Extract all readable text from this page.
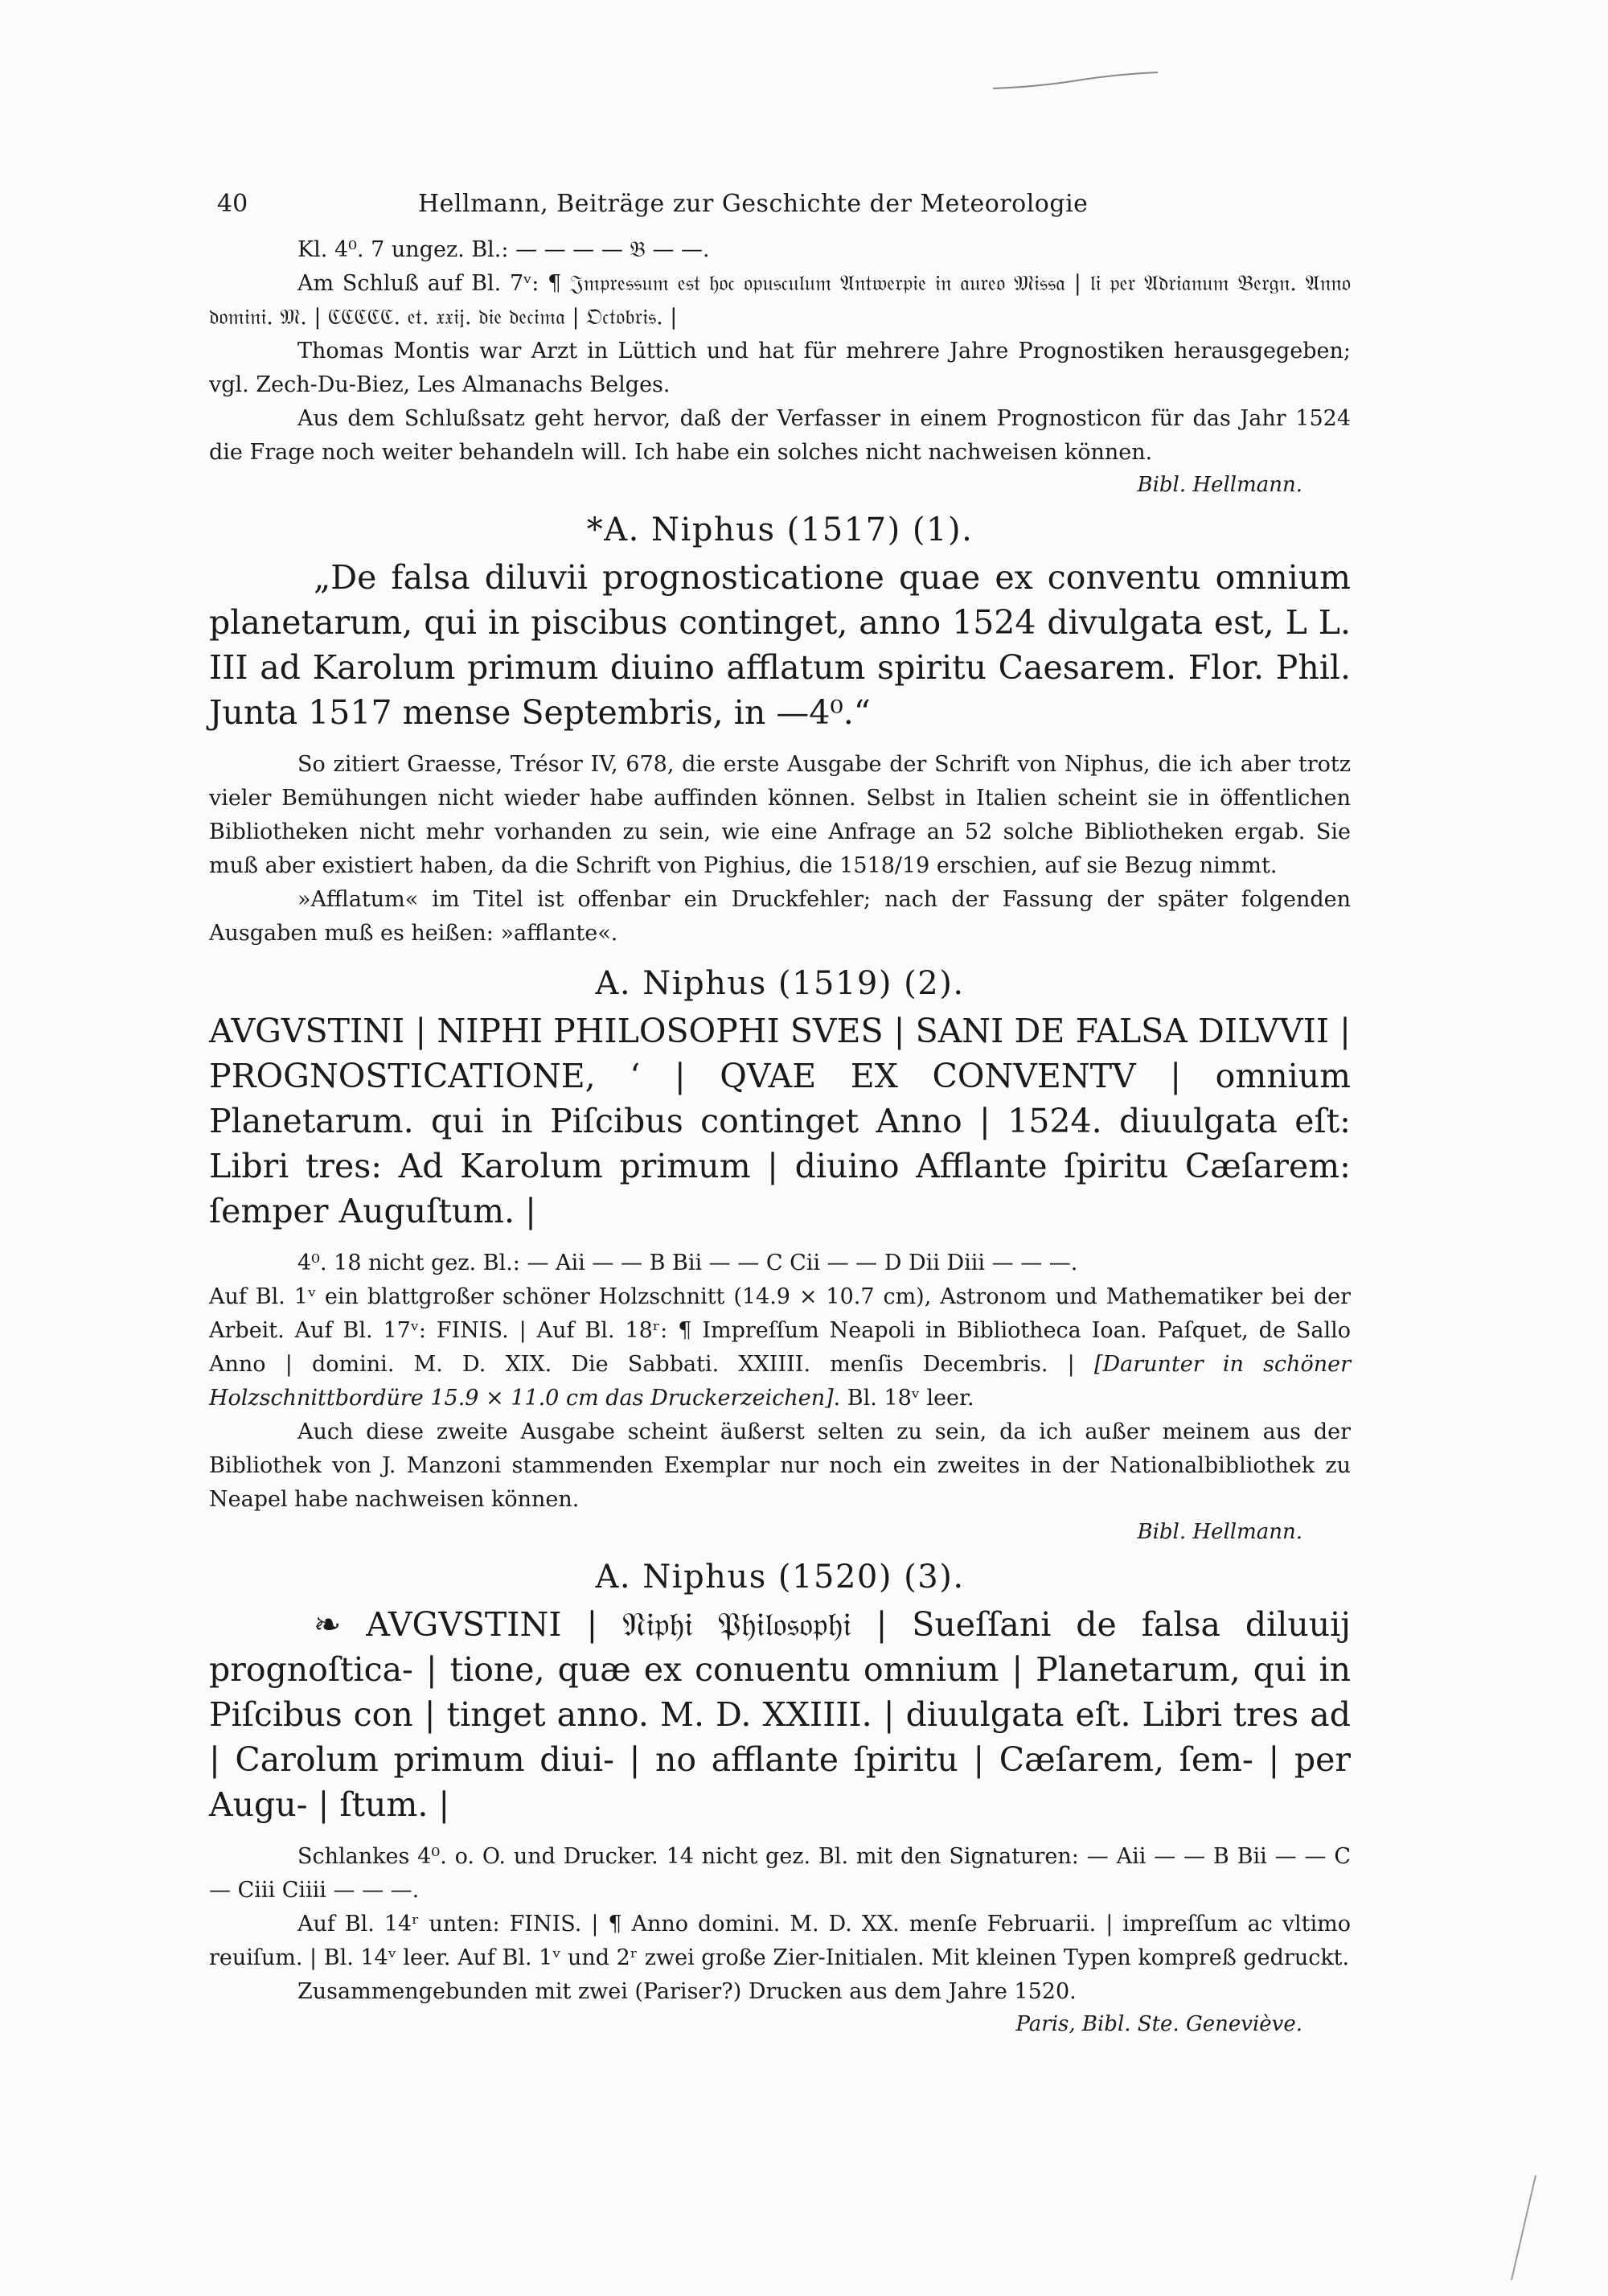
40	Hellmann, Beiträge zur Geschichte der Meteorologie

Kl. 4⁰. 7 ungez. Bl.: — — — — 𝔅 — —.

Am Schluß auf Bl. 7ᵛ: ¶ 𝔍𝔪𝔭𝔯𝔢𝔰𝔰𝔲𝔪 𝔢𝔰𝔱 𝔥𝔬𝔠 𝔬𝔭𝔲𝔰𝔠𝔲𝔩𝔲𝔪 𝔄𝔫𝔱𝔴𝔢𝔯𝔭𝔦𝔢 𝔦𝔫 𝔞𝔲𝔯𝔢𝔬 𝔐𝔦𝔰𝔰𝔞 | 𝔩𝔦 𝔭𝔢𝔯 𝔄𝔡𝔯𝔦𝔞𝔫𝔲𝔪 𝔅𝔢𝔯𝔤𝔫. 𝔄𝔫𝔫𝔬 𝔡𝔬𝔪𝔦𝔫𝔦. 𝔐. | ℭℭℭℭℭ. 𝔢𝔱. 𝔵𝔵𝔦𝔧. 𝔡𝔦𝔢 𝔡𝔢𝔠𝔦𝔪𝔞 | 𝔒𝔠𝔱𝔬𝔟𝔯𝔦𝔰. |

Thomas Montis war Arzt in Lüttich und hat für mehrere Jahre Prognostiken herausgegeben; vgl. Zech-Du-Biez, Les Almanachs Belges.

Aus dem Schlußsatz geht hervor, daß der Verfasser in einem Prognosticon für das Jahr 1524 die Frage noch weiter behandeln will. Ich habe ein solches nicht nachweisen können.

Bibl. Hellmann.

*A. Niphus (1517) (1).

„De falsa diluvii prognosticatione quae ex conventu omnium planetarum, qui in piscibus continget, anno 1524 divulgata est, L L. III ad Karolum primum diuino afflatum spiritu Caesarem. Flor. Phil. Junta 1517 mense Septembris, in —4⁰.“

So zitiert Graesse, Trésor IV, 678, die erste Ausgabe der Schrift von Niphus, die ich aber trotz vieler Bemühungen nicht wieder habe auffinden können. Selbst in Italien scheint sie in öffentlichen Bibliotheken nicht mehr vorhanden zu sein, wie eine Anfrage an 52 solche Bibliotheken ergab. Sie muß aber existiert haben, da die Schrift von Pighius, die 1518/19 erschien, auf sie Bezug nimmt.

»Afflatum« im Titel ist offenbar ein Druckfehler; nach der Fassung der später folgenden Ausgaben muß es heißen: »afflante«.

A. Niphus (1519) (2).

AVGVSTINI | NIPHI PHILOSOPHI SVES | SANI DE FALSA DILVVII | PROGNOSTICATIONE, ‘ | QVAE EX CONVENTV | omnium Planetarum. qui in Piſcibus continget Anno | 1524. diuulgata eſt: Libri tres: Ad Karolum primum | diuino Afflante ſpiritu Cæſarem: ſemper Auguſtum. |

4⁰. 18 nicht gez. Bl.: — Aii — — B Bii — — C Cii — — D Dii Diii — — —.

Auf Bl. 1ᵛ ein blattgroßer schöner Holzschnitt (14.9 × 10.7 cm), Astronom und Mathematiker bei der Arbeit. Auf Bl. 17ᵛ: FINIS. | Auf Bl. 18ʳ: ¶ Impreſſum Neapoli in Bibliotheca Ioan. Paſquet, de Sallo Anno | domini. M. D. XIX. Die Sabbati. XXIIII. menſis Decembris. | [Darunter in schöner Holzschnittbordüre 15.9 × 11.0 cm das Druckerzeichen]. Bl. 18ᵛ leer.

Auch diese zweite Ausgabe scheint äußerst selten zu sein, da ich außer meinem aus der Bibliothek von J. Manzoni stammenden Exemplar nur noch ein zweites in der Nationalbibliothek zu Neapel habe nachweisen können.

Bibl. Hellmann.

A. Niphus (1520) (3).

❧ AVGVSTINI | 𝔑𝔦𝔭𝔥𝔦 𝔓𝔥𝔦𝔩𝔬𝔰𝔬𝔭𝔥𝔦 | Sueſſani de falsa diluuij prognoſtica- | tione, quæ ex conuentu omnium | Planetarum, qui in Piſcibus con | tinget anno. M. D. XXIIII. | diuulgata eſt. Libri tres ad | Carolum primum diui- | no afflante ſpiritu | Cæſarem, ſem- | per Augu- | ſtum. |

Schlankes 4⁰. o. O. und Drucker. 14 nicht gez. Bl. mit den Signaturen: — Aii — — B Bii — — C — Ciii Ciiii — — —.

Auf Bl. 14ʳ unten: FINIS. | ¶ Anno domini. M. D. XX. menſe Februarii. | impreſſum ac vltimo reuiſum. | Bl. 14ᵛ leer. Auf Bl. 1ᵛ und 2ʳ zwei große Zier-Initialen. Mit kleinen Typen kompreß gedruckt.

Zusammengebunden mit zwei (Pariser?) Drucken aus dem Jahre 1520.

Paris, Bibl. Ste. Geneviève.
